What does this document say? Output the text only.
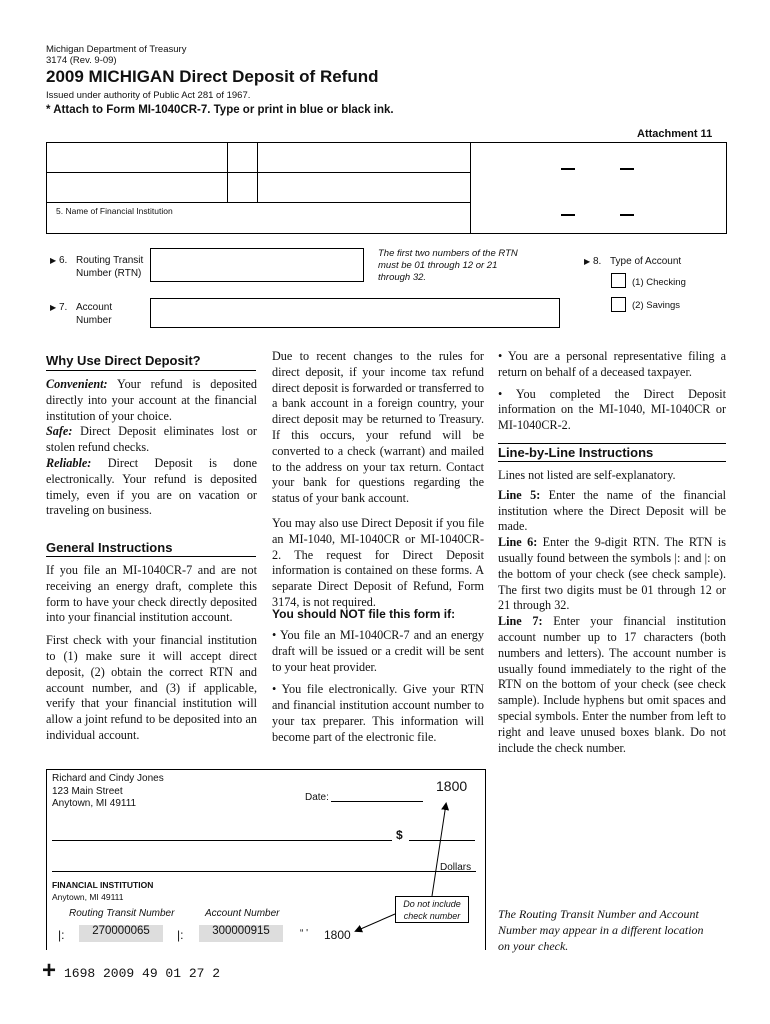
Michigan Department of Treasury
3174 (Rev. 9-09)
2009 MICHIGAN Direct Deposit of Refund
Issued under authority of Public Act 281 of 1967.
* Attach to Form MI-1040CR-7. Type or print in blue or black ink.
Attachment 11
5. Name of Financial Institution
▶ 6. Routing Transit
Number (RTN)
The first two numbers of the RTN must be 01 through 12 or 21 through 32.
▶ 7. Account
Number
▶ 8. Type of Account
(1) Checking
(2) Savings
Why Use Direct Deposit?

Convenient: Your refund is deposited directly into your account at the financial institution of your choice.

Safe: Direct Deposit eliminates lost or stolen refund checks.

Reliable: Direct Deposit is done electronically. Your refund is deposited timely, even if you are on vacation or traveling on business.

General Instructions

If you file an MI-1040CR-7 and are not receiving an energy draft, complete this form to have your check directly deposited into your financial institution account.

First check with your financial institution to (1) make sure it will accept direct deposit, (2) obtain the correct RTN and account number, and (3) if applicable, verify that your financial institution will allow a joint refund to be deposited into an individual account.

Due to recent changes to the rules for direct deposit, if your income tax refund direct deposit is forwarded or transferred to a bank account in a foreign country, your direct deposit may be returned to Treasury. If this occurs, your refund will be converted to a check (warrant) and mailed to the address on your tax return. Contact your bank for questions regarding the status of your bank account.

You may also use Direct Deposit if you file an MI-1040, MI-1040CR or MI-1040CR-2. The request for Direct Deposit information is contained on these forms. A separate Direct Deposit of Refund, Form 3174, is not required.

You should NOT file this form if:

• You file an MI-1040CR-7 and an energy draft will be issued or a credit will be sent to your heat provider.

• You file electronically. Give your RTN and financial institution account number to your tax preparer. This information will become part of the electronic file.

• You are a personal representative filing a return on behalf of a deceased taxpayer.

• You completed the Direct Deposit information on the MI-1040, MI-1040CR or MI-1040CR-2.

Line-by-Line Instructions

Lines not listed are self-explanatory.

Line 5: Enter the name of the financial institution where the Direct Deposit will be made.

Line 6: Enter the 9-digit RTN. The RTN is usually found between the symbols |: and |: on the bottom of your check (see check sample). The first two digits must be 01 through 12 or 21 through 32.

Line 7: Enter your financial institution account number up to 17 characters (both numbers and letters). The account number is usually found immediately to the right of the RTN on the bottom of your check (see check sample). Include hyphens but omit spaces and special symbols. Enter the number from left to right and leave unused boxes blank. Do not include the check number.

Richard and Cindy Jones
123 Main Street
Anytown, MI 49111
1800
Date:
$
Dollars
FINANCIAL INSTITUTION
Anytown, MI 49111
Do not include check number
Routing Transit Number	Account Number
|:	270000065	|:	300000915	“ ' 1800
The Routing Transit Number and Account Number may appear in a different location on your check.
+ 1698 2009 49 01 27 2
